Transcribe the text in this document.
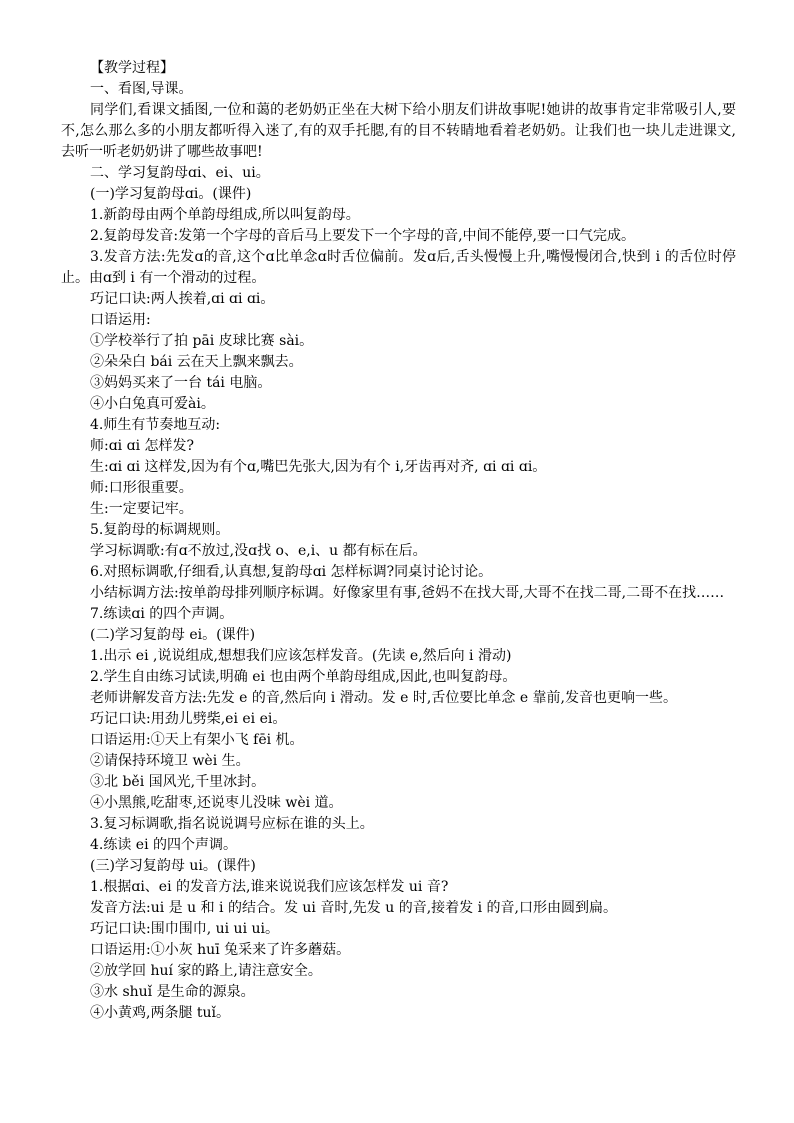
【教学过程】

一、看图,导课。

同学们,看课文插图,一位和蔼的老奶奶正坐在大树下给小朋友们讲故事呢!她讲的故事肯定非常吸引人,要不,怎么那么多的小朋友都听得入迷了,有的双手托腮,有的目不转睛地看着老奶奶。让我们也一块儿走进课文,去听一听老奶奶讲了哪些故事吧!

二、学习复韵母ɑi、ei、ui。

(一)学习复韵母ɑi。(课件)

1.新韵母由两个单韵母组成,所以叫复韵母。

2.复韵母发音:发第一个字母的音后马上要发下一个字母的音,中间不能停,要一口气完成。

3.发音方法:先发ɑ的音,这个ɑ比单念ɑ时舌位偏前。发ɑ后,舌头慢慢上升,嘴慢慢闭合,快到 i 的舌位时停止。由ɑ到 i 有一个滑动的过程。

巧记口诀:两人挨着,ɑi ɑi ɑi。

口语运用:

①学校举行了拍 pāi 皮球比赛 sài。

②朵朵白 bái 云在天上飘来飘去。

③妈妈买来了一台 tái 电脑。

④小白兔真可爱ài。

4.师生有节奏地互动:

师:ɑi ɑi 怎样发?

生:ɑi ɑi 这样发,因为有个ɑ,嘴巴先张大,因为有个 i,牙齿再对齐, ɑi ɑi ɑi。

师:口形很重要。

生:一定要记牢。

5.复韵母的标调规则。

学习标调歌:有ɑ不放过,没ɑ找 o、e,i、u 都有标在后。

6.对照标调歌,仔细看,认真想,复韵母ɑi 怎样标调?同桌讨论讨论。

小结标调方法:按单韵母排列顺序标调。好像家里有事,爸妈不在找大哥,大哥不在找二哥,二哥不在找……

7.练读ɑi 的四个声调。

(二)学习复韵母 ei。(课件)

1.出示 ei ,说说组成,想想我们应该怎样发音。(先读 e,然后向 i 滑动)

2.学生自由练习试读,明确 ei 也由两个单韵母组成,因此,也叫复韵母。

老师讲解发音方法:先发 e 的音,然后向 i 滑动。发 e 时,舌位要比单念 e 靠前,发音也更响一些。

巧记口诀:用劲儿劈柴,ei ei ei。

口语运用:①天上有架小飞 fēi 机。

②请保持环境卫 wèi 生。

③北 běi 国风光,千里冰封。

④小黑熊,吃甜枣,还说枣儿没味 wèi 道。

3.复习标调歌,指名说说调号应标在谁的头上。

4.练读 ei 的四个声调。

(三)学习复韵母 ui。(课件)

1.根据ɑi、ei 的发音方法,谁来说说我们应该怎样发 ui 音?

发音方法:ui 是 u 和 i 的结合。发 ui 音时,先发 u 的音,接着发 i 的音,口形由圆到扁。

巧记口诀:围巾围巾, ui ui ui。

口语运用:①小灰 huī 兔采来了许多蘑菇。

②放学回 huí 家的路上,请注意安全。

③水 shuǐ 是生命的源泉。

④小黄鸡,两条腿 tuǐ。
